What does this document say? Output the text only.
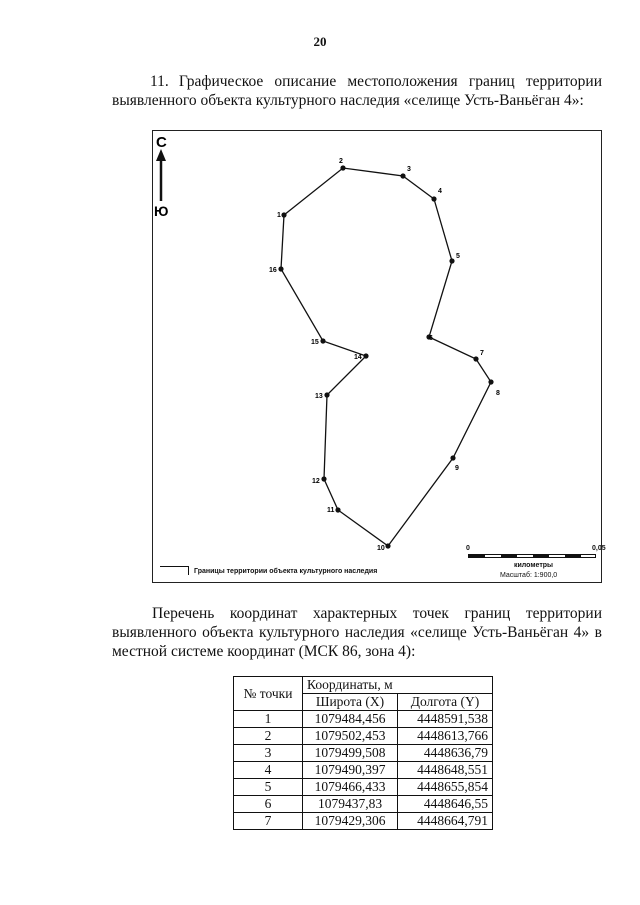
20
11. Графическое описание местоположения границ территории выявленного объекта культурного наследия «селище Усть-Ваньёган 4»:
С
Ю	1
2
3
4
5
6
7
8
9
10
11
12
13
14
15
16
Границы территории объекта культурного наследия
0	0,05
километры
Масштаб: 1:900,0
Перечень координат характерных точек границ территории выявленного объекта культурного наследия «селище Усть-Ваньёган 4» в местной системе координат (МСК 86, зона 4):
№ точки	Координаты, м	
	Широта (X)	Долгота (Y)
1	1079484,456	4448591,538
2	1079502,453	4448613,766
3	1079499,508	4448636,79
4	1079490,397	4448648,551
5	1079466,433	4448655,854
6	1079437,83	4448646,55
7	1079429,306	4448664,791
